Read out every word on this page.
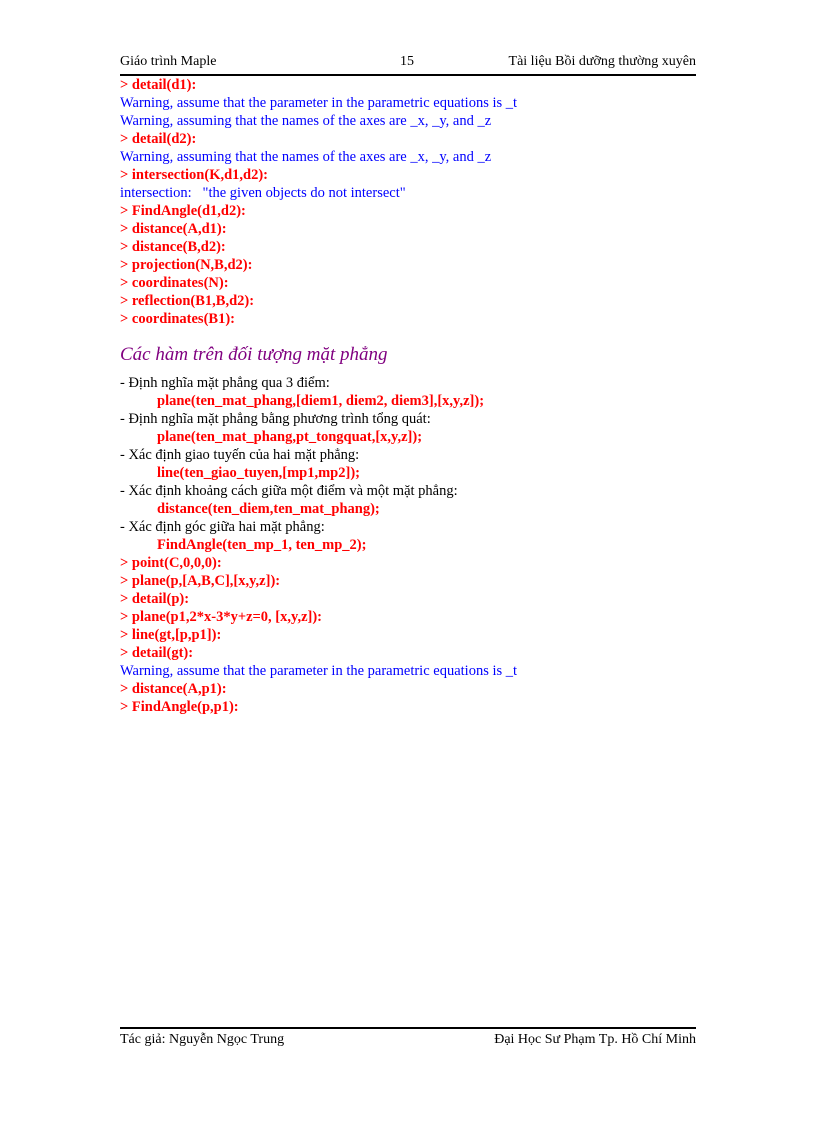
Giáo trình Maple	15	Tài liệu Bồi dưỡng thường xuyên
> detail(d1):
Warning, assume that the parameter in the parametric equations is _t
Warning, assuming that the names of the axes are _x, _y, and _z
> detail(d2):
Warning, assuming that the names of the axes are _x, _y, and _z
> intersection(K,d1,d2):
intersection:   "the given objects do not intersect"
> FindAngle(d1,d2):
> distance(A,d1):
> distance(B,d2):
> projection(N,B,d2):
> coordinates(N):
> reflection(B1,B,d2):
> coordinates(B1):
Các hàm trên đối tượng mặt phẳng
- Định nghĩa mặt phẳng qua 3 điểm:
plane(ten_mat_phang,[diem1, diem2, diem3],[x,y,z]);
- Định nghĩa mặt phẳng bằng phương trình tổng quát:
plane(ten_mat_phang,pt_tongquat,[x,y,z]);
- Xác định giao tuyến của hai mặt phẳng:
line(ten_giao_tuyen,[mp1,mp2]);
- Xác định khoảng cách giữa một điểm và một mặt phẳng:
distance(ten_diem,ten_mat_phang);
- Xác định góc giữa hai mặt phẳng:
FindAngle(ten_mp_1, ten_mp_2);
> point(C,0,0,0):
> plane(p,[A,B,C],[x,y,z]):
> detail(p):
> plane(p1,2*x-3*y+z=0, [x,y,z]):
> line(gt,[p,p1]):
> detail(gt):
Warning, assume that the parameter in the parametric equations is _t
> distance(A,p1):
> FindAngle(p,p1):
Tác giả: Nguyễn Ngọc Trung	Đại Học Sư Phạm Tp. Hồ Chí Minh
